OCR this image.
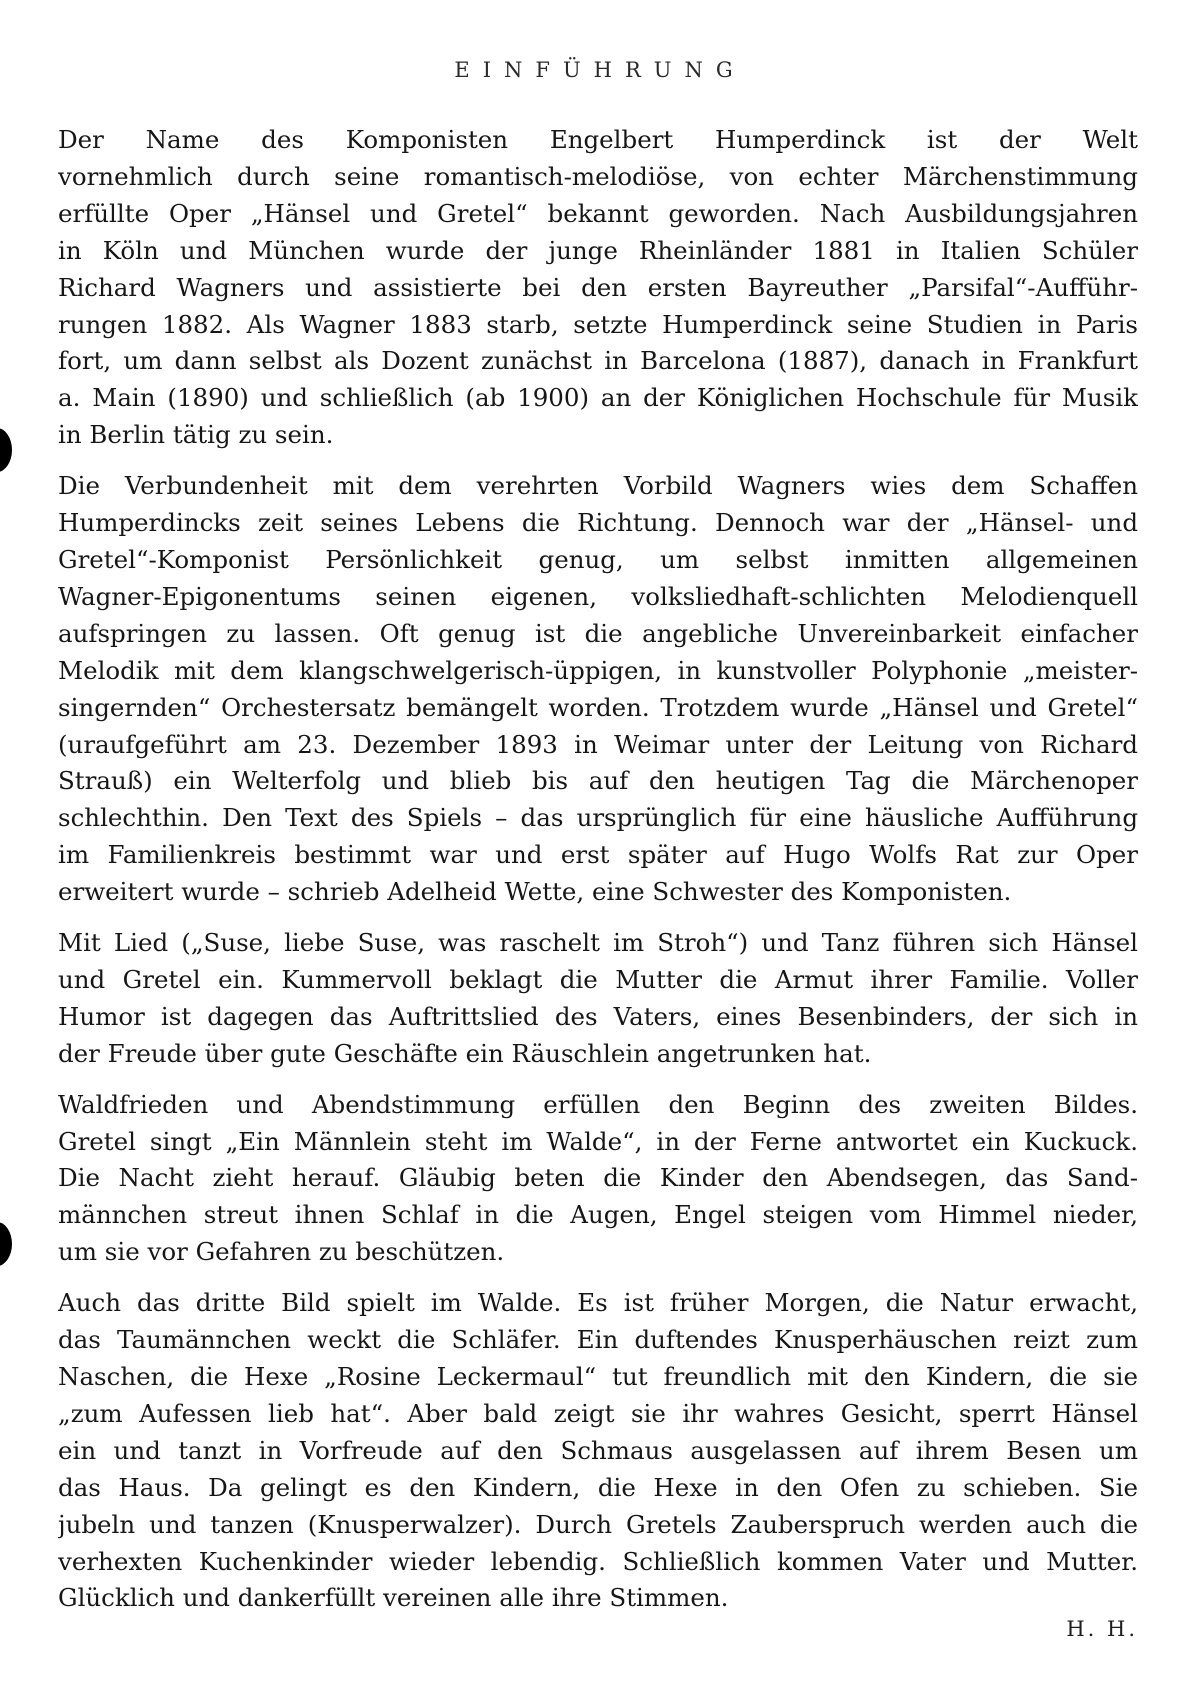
EINFÜHRUNG

Der Name des Komponisten Engelbert Humperdinck ist der Welt
vornehmlich durch seine romantisch-melodiöse, von echter Märchenstimmung
erfüllte Oper „Hänsel und Gretel“ bekannt geworden. Nach Ausbildungsjahren
in Köln und München wurde der junge Rheinländer 1881 in Italien Schüler
Richard Wagners und assistierte bei den ersten Bayreuther „Parsifal“-Aufführ-
rungen 1882. Als Wagner 1883 starb, setzte Humperdinck seine Studien in Paris
fort, um dann selbst als Dozent zunächst in Barcelona (1887), danach in Frankfurt
a. Main (1890) und schließlich (ab 1900) an der Königlichen Hochschule für Musik
in Berlin tätig zu sein.

Die Verbundenheit mit dem verehrten Vorbild Wagners wies dem Schaffen
Humperdincks zeit seines Lebens die Richtung. Dennoch war der „Hänsel- und
Gretel“-Komponist Persönlichkeit genug, um selbst inmitten allgemeinen
Wagner-Epigonentums seinen eigenen, volksliedhaft-schlichten Melodienquell
aufspringen zu lassen. Oft genug ist die angebliche Unvereinbarkeit einfacher
Melodik mit dem klangschwelgerisch-üppigen, in kunstvoller Polyphonie „meister-
singernden“ Orchestersatz bemängelt worden. Trotzdem wurde „Hänsel und Gretel“
(uraufgeführt am 23. Dezember 1893 in Weimar unter der Leitung von Richard
Strauß) ein Welterfolg und blieb bis auf den heutigen Tag die Märchenoper
schlechthin. Den Text des Spiels – das ursprünglich für eine häusliche Aufführung
im Familienkreis bestimmt war und erst später auf Hugo Wolfs Rat zur Oper
erweitert wurde – schrieb Adelheid Wette, eine Schwester des Komponisten.

Mit Lied („Suse, liebe Suse, was raschelt im Stroh“) und Tanz führen sich Hänsel
und Gretel ein. Kummervoll beklagt die Mutter die Armut ihrer Familie. Voller
Humor ist dagegen das Auftrittslied des Vaters, eines Besenbinders, der sich in
der Freude über gute Geschäfte ein Räuschlein angetrunken hat.

Waldfrieden und Abendstimmung erfüllen den Beginn des zweiten Bildes.
Gretel singt „Ein Männlein steht im Walde“, in der Ferne antwortet ein Kuckuck.
Die Nacht zieht herauf. Gläubig beten die Kinder den Abendsegen, das Sand-
männchen streut ihnen Schlaf in die Augen, Engel steigen vom Himmel nieder,
um sie vor Gefahren zu beschützen.

Auch das dritte Bild spielt im Walde. Es ist früher Morgen, die Natur erwacht,
das Taumännchen weckt die Schläfer. Ein duftendes Knusperhäuschen reizt zum
Naschen, die Hexe „Rosine Leckermaul“ tut freundlich mit den Kindern, die sie
„zum Aufessen lieb hat“. Aber bald zeigt sie ihr wahres Gesicht, sperrt Hänsel
ein und tanzt in Vorfreude auf den Schmaus ausgelassen auf ihrem Besen um
das Haus. Da gelingt es den Kindern, die Hexe in den Ofen zu schieben. Sie
jubeln und tanzen (Knusperwalzer). Durch Gretels Zauberspruch werden auch die
verhexten Kuchenkinder wieder lebendig. Schließlich kommen Vater und Mutter.
Glücklich und dankerfüllt vereinen alle ihre Stimmen.

H. H.
